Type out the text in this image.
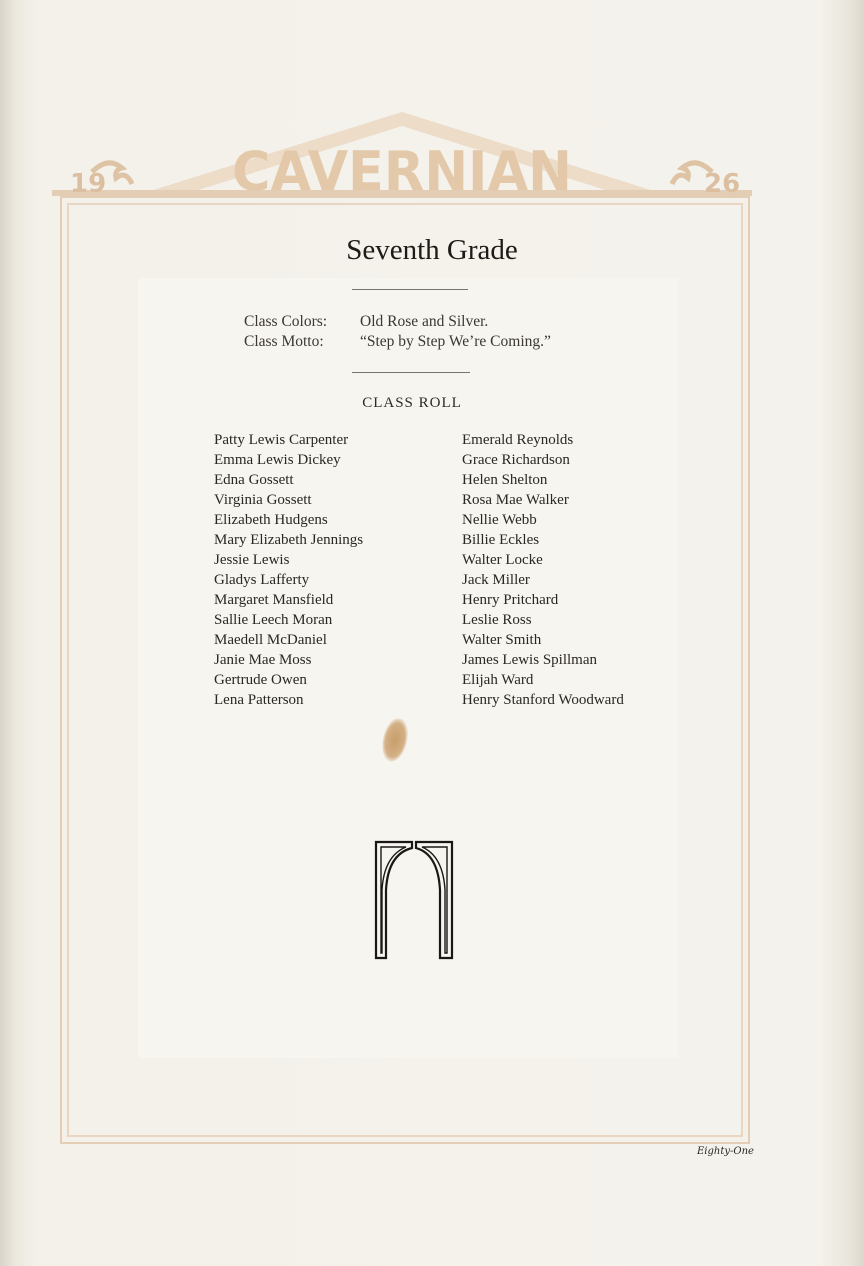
19	26
CAVERNIAN
Seventh Grade
Class Colors: Old Rose and Silver.
Class Motto: “Step by Step We’re Coming.”
CLASS ROLL
Patty Lewis Carpenter
Emma Lewis Dickey
Edna Gossett
Virginia Gossett
Elizabeth Hudgens
Mary Elizabeth Jennings
Jessie Lewis
Gladys Lafferty
Margaret Mansfield
Sallie Leech Moran
Maedell McDaniel
Janie Mae Moss
Gertrude Owen
Lena Patterson
Emerald Reynolds
Grace Richardson
Helen Shelton
Rosa Mae Walker
Nellie Webb
Billie Eckles
Walter Locke
Jack Miller
Henry Pritchard
Leslie Ross
Walter Smith
James Lewis Spillman
Elijah Ward
Henry Stanford Woodward
Eighty-One
